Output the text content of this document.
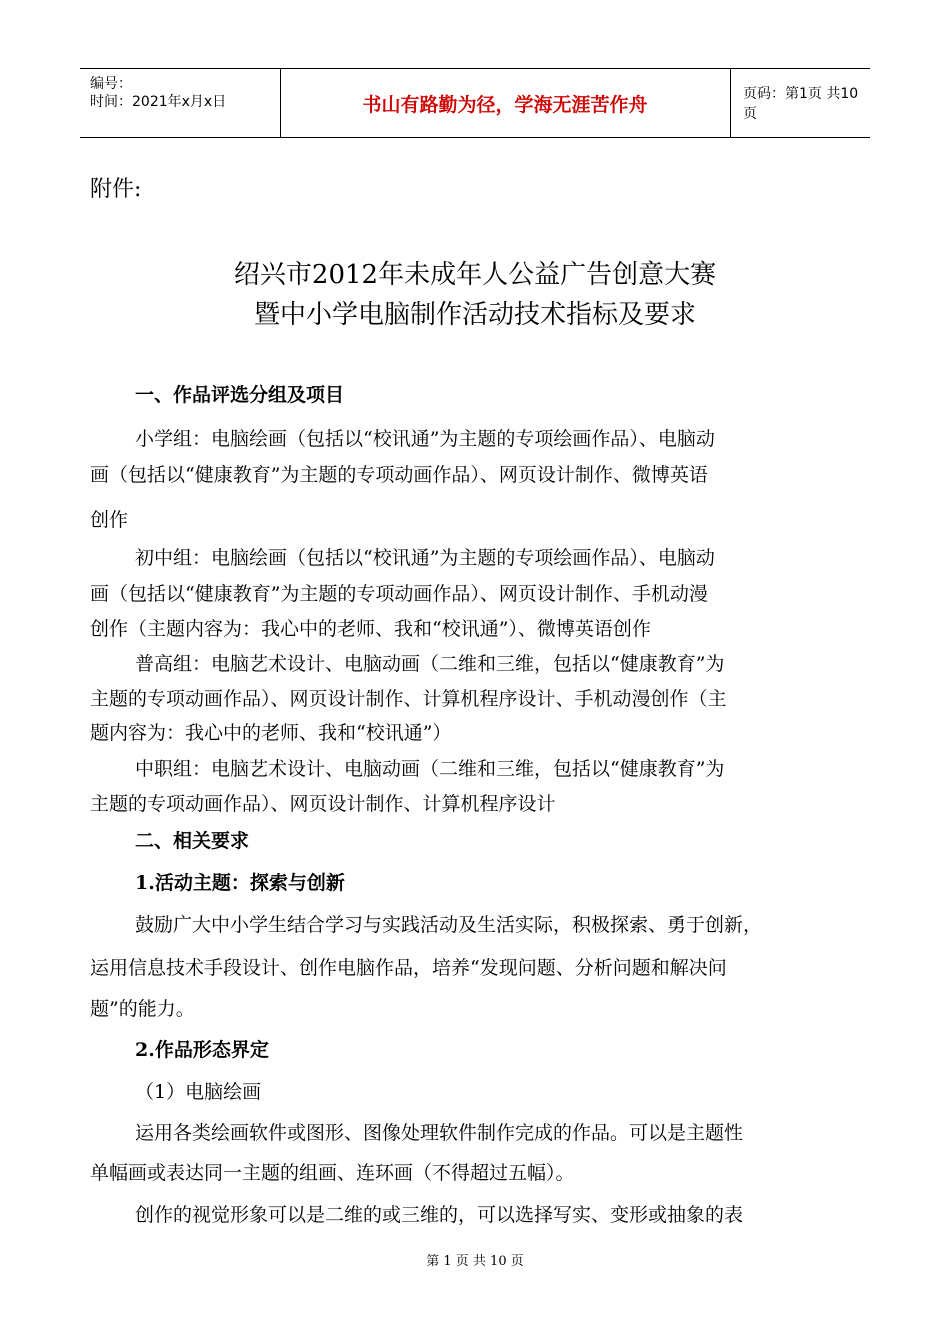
编号：
时间：2021年x月x日	书山有路勤为径，学海无涯苦作舟	页码：第1页 共10页
附件:
绍兴市2012年未成年人公益广告创意大赛
暨中小学电脑制作活动技术指标及要求
一、作品评选分组及项目
小学组：电脑绘画（包括以“校讯通”为主题的专项绘画作品）、电脑动
画（包括以“健康教育”为主题的专项动画作品）、网页设计制作、微博英语
创作
初中组：电脑绘画（包括以“校讯通”为主题的专项绘画作品）、电脑动
画（包括以“健康教育”为主题的专项动画作品）、网页设计制作、手机动漫
创作（主题内容为：我心中的老师、我和“校讯通”）、微博英语创作
普高组：电脑艺术设计、电脑动画（二维和三维，包括以“健康教育”为
主题的专项动画作品）、网页设计制作、计算机程序设计、手机动漫创作（主
题内容为：我心中的老师、我和“校讯通”）
中职组：电脑艺术设计、电脑动画（二维和三维，包括以“健康教育”为
主题的专项动画作品）、网页设计制作、计算机程序设计
二、相关要求
1.活动主题：探索与创新
鼓励广大中小学生结合学习与实践活动及生活实际，积极探索、勇于创新，
运用信息技术手段设计、创作电脑作品，培养“发现问题、分析问题和解决问
题”的能力。
2.作品形态界定
（1）电脑绘画
运用各类绘画软件或图形、图像处理软件制作完成的作品。可以是主题性
单幅画或表达同一主题的组画、连环画（不得超过五幅）。
创作的视觉形象可以是二维的或三维的，可以选择写实、变形或抽象的表
第 1 页 共 10 页
